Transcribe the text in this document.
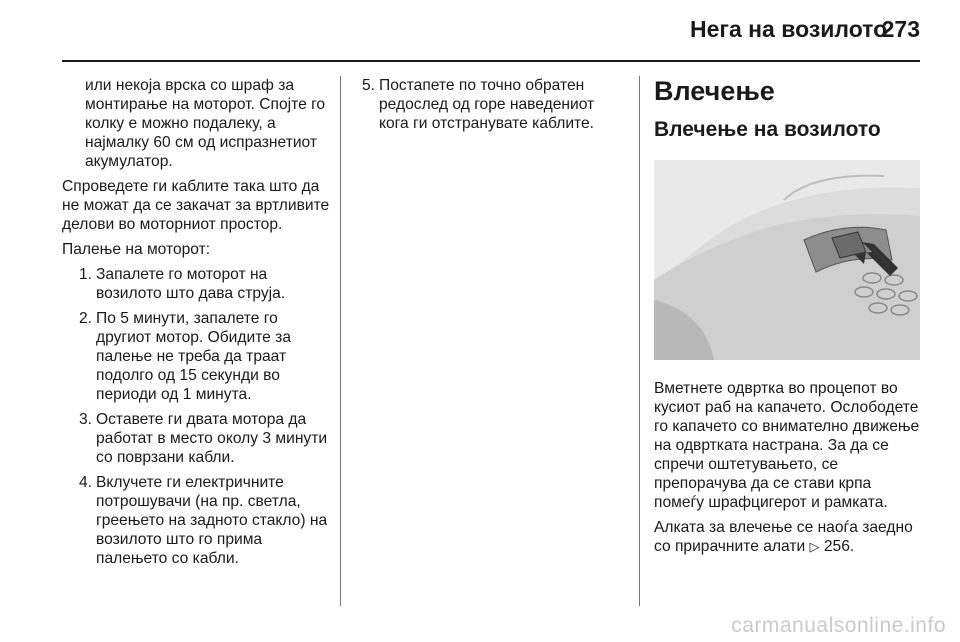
Нега на возилото
273

или некоја врска со шраф за монтирање на моторот. Спојте го колку е можно подалеку, а најмалку 60 см од испразнетиот акумулатор.

Спроведете ги каблите така што да не можат да се закачат за вртливите делови во моторниот простор.

Палење на моторот:

1. Запалете го моторот на возилото што дава струја.
2. По 5 минути, запалете го другиот мотор. Обидите за палење не треба да траат подолго од 15 секунди во периоди од 1 минута.
3. Оставете ги двата мотора да работат в место околу 3 минути со поврзани кабли.
4. Вклучете ги електричните потрошувачи (на пр. светла, греењето на задното стакло) на возилото што го прима палењето со кабли.
5. Постапете по точно обратен редослед од горе наведениот кога ги отстранувате каблите.
Влечење
Влечење на возилото

Вметнете одвртка во процепот во кусиот раб на капачето. Ослободете го капачето со внимателно движење на одвртката настрана. За да се спречи оштетувањето, се препорачува да се стави крпа помеѓу шрафцигерот и рамката.

Алката за влечење се наоѓа заедно со прирачните алати ▷ 256.

carmanualsonline.info
